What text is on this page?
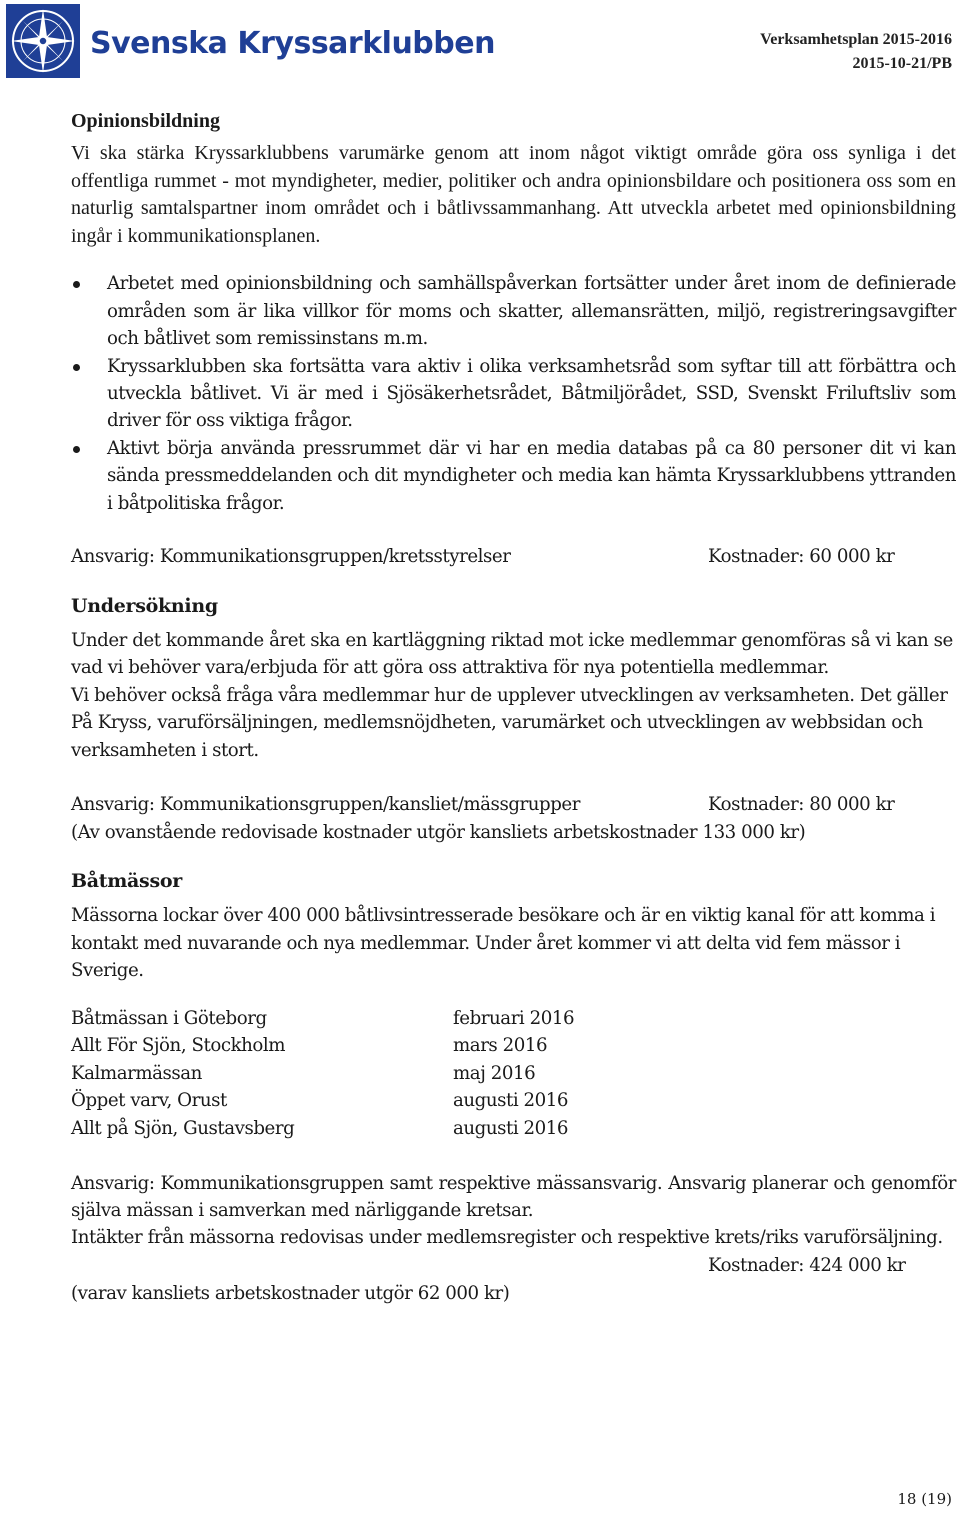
Svenska Kryssarklubben	Verksamhetsplan 2015-2016
2015-10-21/PB
Opinionsbildning

Vi ska stärka Kryssarklubbens varumärke genom att inom något viktigt område göra oss synliga i det offentliga rummet - mot myndigheter, medier, politiker och andra opinionsbildare och positionera oss som en naturlig samtalspartner inom området och i båtlivssammanhang. Att utveckla arbetet med opinionsbildning ingår i kommunikationsplanen.

Arbetet med opinionsbildning och samhällspåverkan fortsätter under året inom de definierade områden som är lika villkor för moms och skatter, allemansrätten, miljö, registreringsavgifter och båtlivet som remissinstans m.m.
Kryssarklubben ska fortsätta vara aktiv i olika verksamhetsråd som syftar till att förbättra och utveckla båtlivet. Vi är med i Sjösäkerhetsrådet, Båtmiljörådet, SSD, Svenskt Friluftsliv som driver för oss viktiga frågor.
Aktivt börja använda pressrummet där vi har en media databas på ca 80 personer dit vi kan sända pressmeddelanden och dit myndigheter och media kan hämta Kryssarklubbens yttranden i båtpolitiska frågor.
Ansvarig: Kommunikationsgruppen/kretsstyrelser	Kostnader: 60 000 kr
Undersökning

Under det kommande året ska en kartläggning riktad mot icke medlemmar genomföras så vi kan se vad vi behöver vara/erbjuda för att göra oss attraktiva för nya potentiella medlemmar.

Vi behöver också fråga våra medlemmar hur de upplever utvecklingen av verksamheten. Det gäller På Kryss, varuförsäljningen, medlemsnöjdheten, varumärket och utvecklingen av webbsidan och verksamheten i stort.

Ansvarig: Kommunikationsgruppen/kansliet/mässgrupper	Kostnader: 80 000 kr

(Av ovanstående redovisade kostnader utgör kansliets arbetskostnader 133 000 kr)

Båtmässor

Mässorna lockar över 400 000 båtlivsintresserade besökare och är en viktig kanal för att komma i kontakt med nuvarande och nya medlemmar. Under året kommer vi att delta vid fem mässor i Sverige.

Båtmässan i Göteborg	februari 2016
Allt För Sjön, Stockholm	mars 2016
Kalmarmässan	maj 2016
Öppet varv, Orust	augusti 2016
Allt på Sjön, Gustavsberg	augusti 2016

Ansvarig: Kommunikationsgruppen samt respektive mässansvarig. Ansvarig planerar och genomför själva mässan i samverkan med närliggande kretsar.

Intäkter från mässorna redovisas under medlemsregister och respektive krets/riks varuförsäljning.

Kostnader: 424 000 kr

(varav kansliets arbetskostnader utgör 62 000 kr)

18 (19)
